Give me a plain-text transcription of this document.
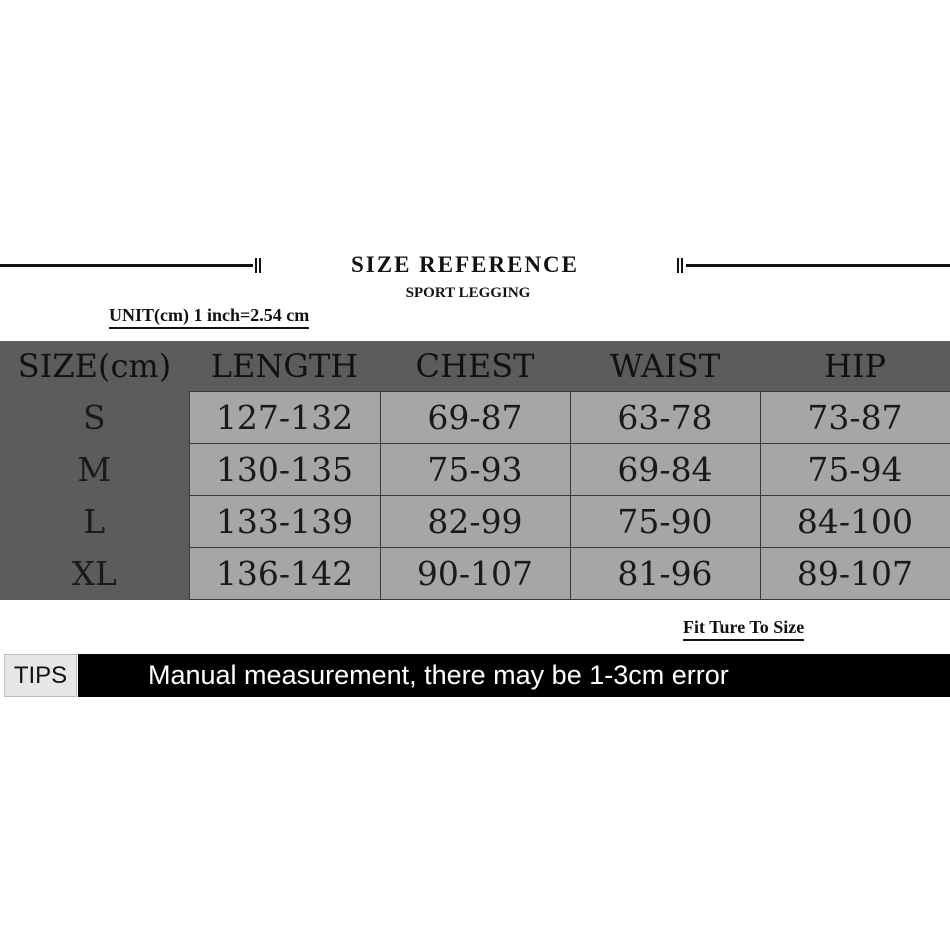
SIZE REFERENCE
SPORT LEGGING
UNIT(cm) 1 inch=2.54 cm
SIZE(cm)	LENGTH	CHEST	WAIST	HIP
S	127-132	69-87	63-78	73-87
M	130-135	75-93	69-84	75-94
L	133-139	82-99	75-90	84-100
XL	136-142	90-107	81-96	89-107
Fit Ture To Size
TIPS	Manual measurement, there may be 1-3cm error
